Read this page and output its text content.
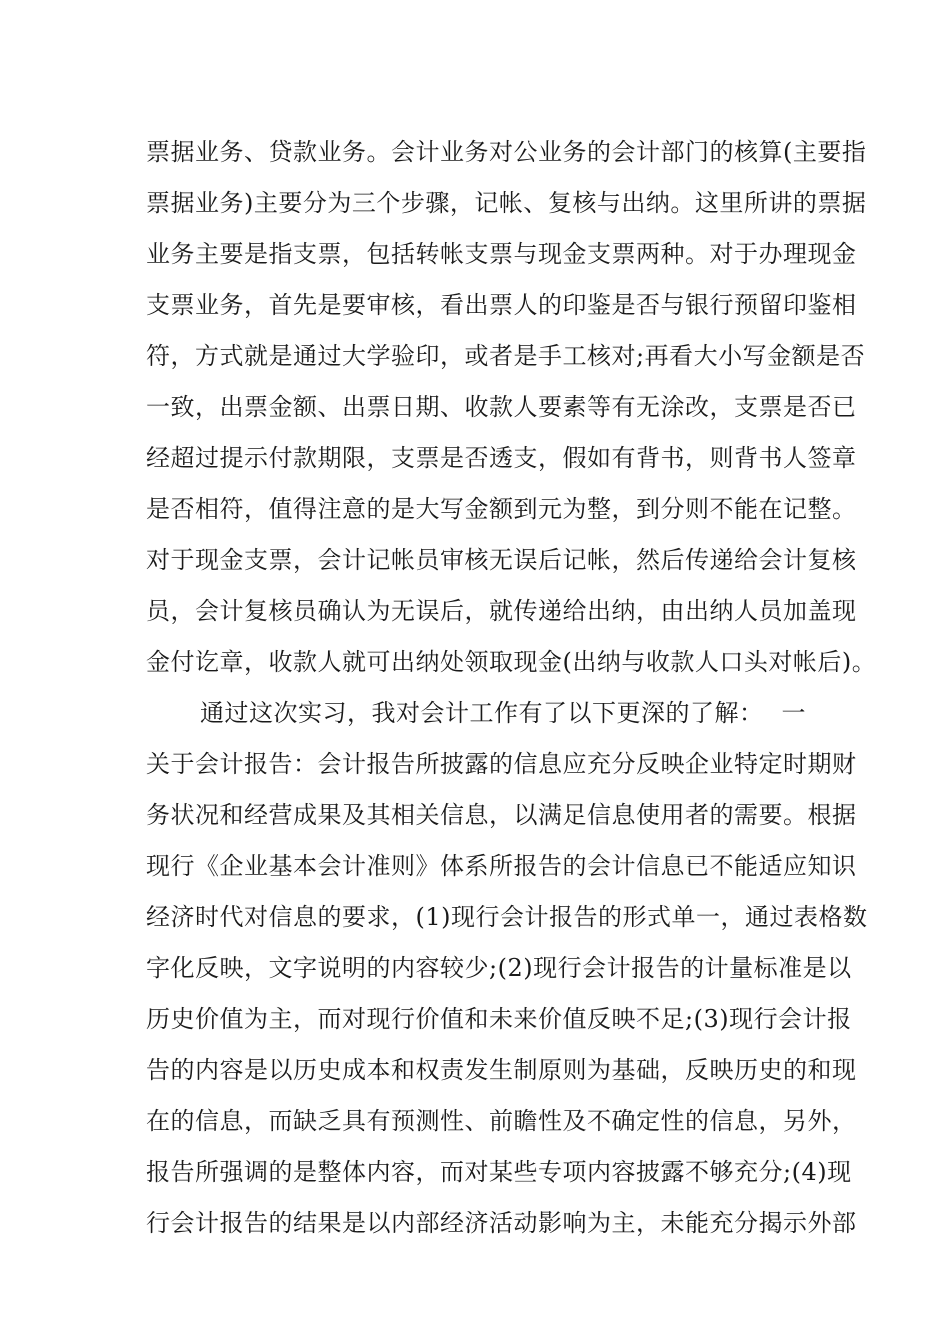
票据业务、贷款业务。会计业务对公业务的会计部门的核算(主要指
票据业务)主要分为三个步骤，记帐、复核与出纳。这里所讲的票据
业务主要是指支票，包括转帐支票与现金支票两种。对于办理现金
支票业务，首先是要审核，看出票人的印鉴是否与银行预留印鉴相
符，方式就是通过大学验印，或者是手工核对;再看大小写金额是否
一致，出票金额、出票日期、收款人要素等有无涂改，支票是否已
经超过提示付款期限，支票是否透支，假如有背书，则背书人签章
是否相符，值得注意的是大写金额到元为整，到分则不能在记整。
对于现金支票，会计记帐员审核无误后记帐，然后传递给会计复核
员，会计复核员确认为无误后，就传递给出纳，由出纳人员加盖现
金付讫章，收款人就可出纳处领取现金(出纳与收款人口头对帐后)。
通过这次实习，我对会计工作有了以下更深的了解： 一
关于会计报告：会计报告所披露的信息应充分反映企业特定时期财
务状况和经营成果及其相关信息，以满足信息使用者的需要。根据
现行《企业基本会计准则》体系所报告的会计信息已不能适应知识
经济时代对信息的要求，(1)现行会计报告的形式单一，通过表格数
字化反映，文字说明的内容较少;(2)现行会计报告的计量标准是以
历史价值为主，而对现行价值和未来价值反映不足;(3)现行会计报
告的内容是以历史成本和权责发生制原则为基础，反映历史的和现
在的信息，而缺乏具有预测性、前瞻性及不确定性的信息，另外，
报告所强调的是整体内容，而对某些专项内容披露不够充分;(4)现
行会计报告的结果是以内部经济活动影响为主，未能充分揭示外部
